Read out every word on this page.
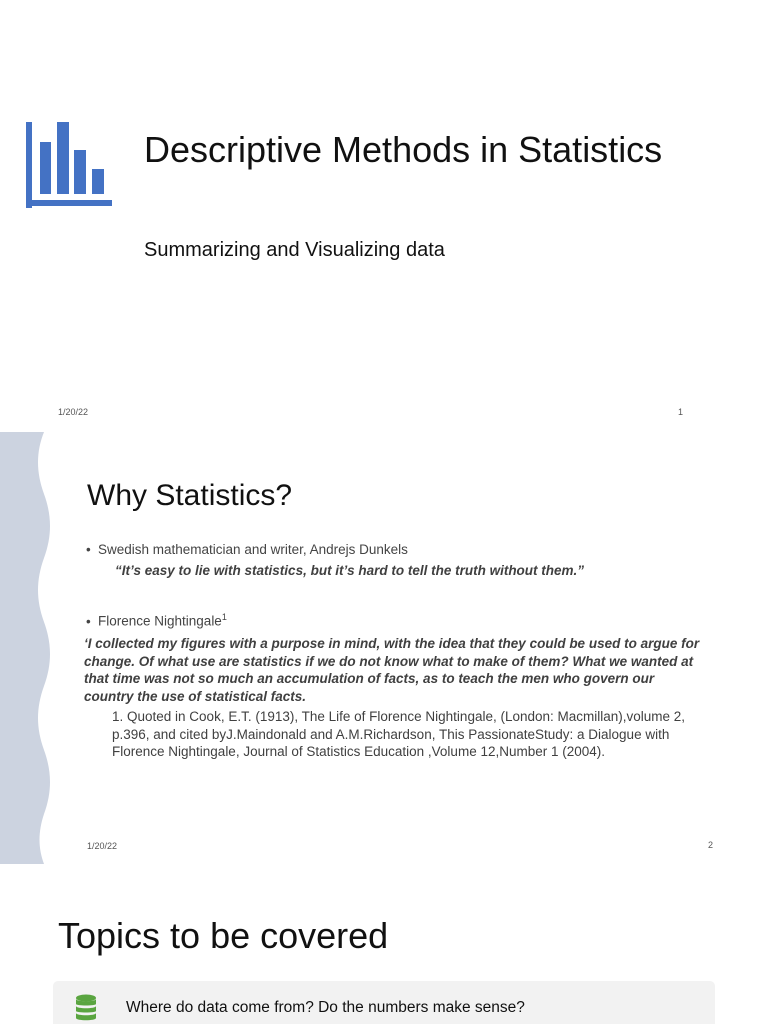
Descriptive Methods in Statistics
Summarizing and Visualizing data
1/20/22	1
Why Statistics?
• Swedish mathematician and writer, Andrejs Dunkels
“It’s easy to lie with statistics, but it’s hard to tell the truth without them.”
• Florence Nightingale$^1$
‘I collected my figures with a purpose in mind, with the idea that they could be used to argue for change. Of what use are statistics if we do not know what to make of them? What we wanted at that time was not so much an accumulation of facts, as to teach the men who govern our country the use of statistical facts.
1. Quoted in Cook, E.T. (1913), The Life of Florence Nightingale, (London: Macmillan),volume 2, p.396, and cited byJ.Maindonald and A.M.Richardson, This PassionateStudy: a Dialogue with Florence Nightingale, Journal of Statistics Education ,Volume 12,Number 1 (2004).
1/20/22	2
Topics to be covered
Where do data come from? Do the numbers make sense?
